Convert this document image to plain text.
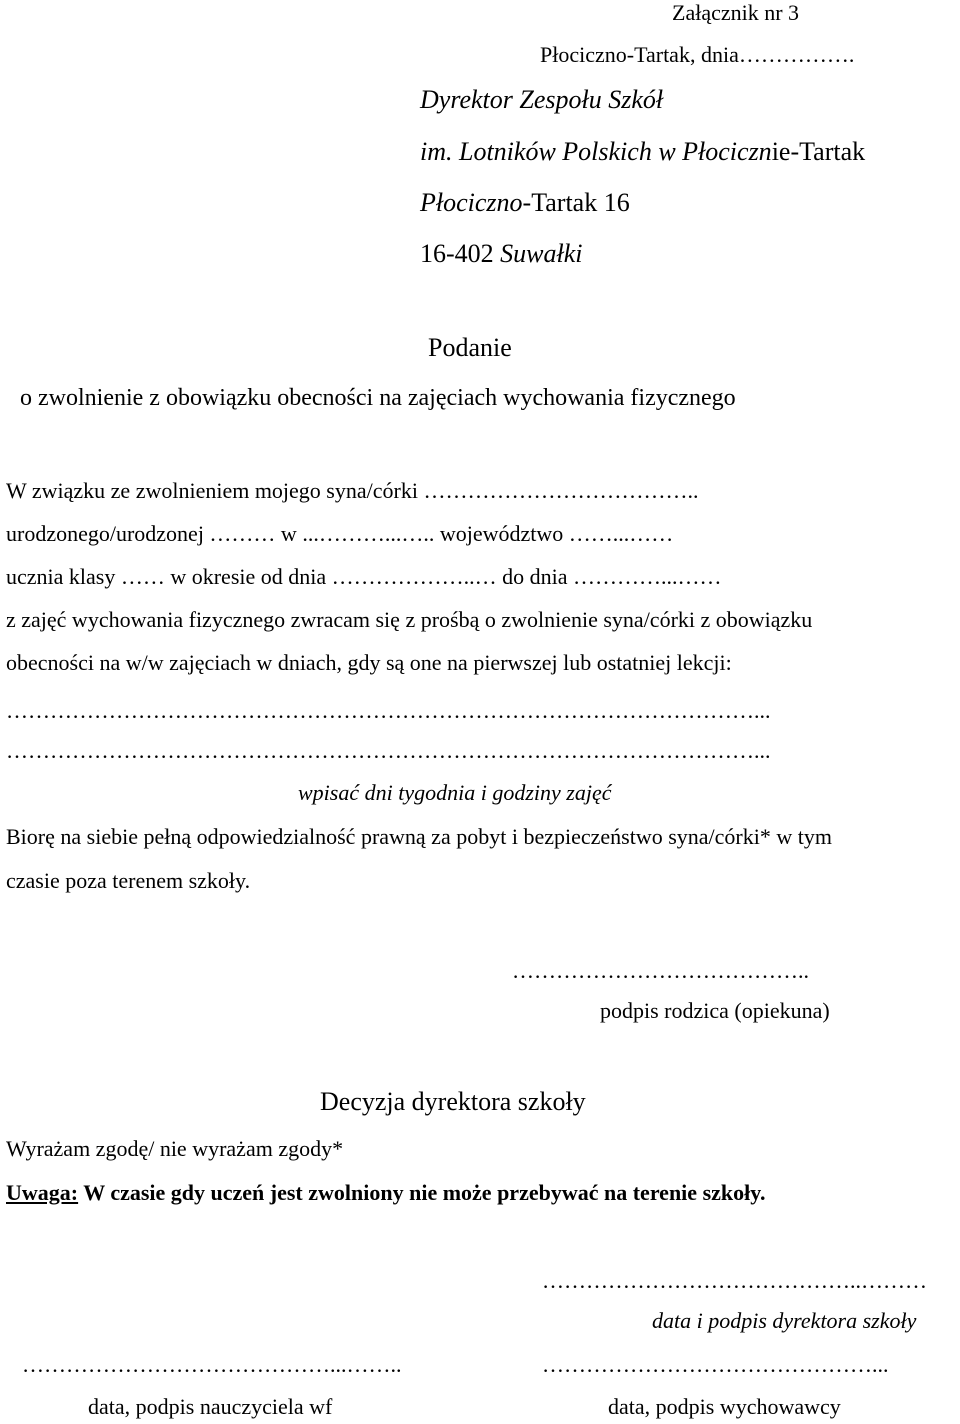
Załącznik nr 3
Płociczno-Tartak, dnia…………….
Dyrektor Zespołu Szkół
im. Lotników Polskich w Płocicznie-Tartak
Płociczno-Tartak 16
16-402 Suwałki
Podanie
o zwolnienie z obowiązku obecności na zajęciach wychowania fizycznego
W związku ze zwolnieniem mojego syna/córki ………………………………..
urodzonego/urodzonej ……… w ...………...….. województwo ……...……
ucznia klasy …… w okresie od dnia ………………..… do dnia …………...……
z zajęć wychowania fizycznego zwracam się z prośbą o zwolnienie syna/córki z obowiązku
obecności na w/w zajęciach w dniach, gdy są one na pierwszej lub ostatniej lekcji:
…………………………………………………………………………………………...
…………………………………………………………………………………………...
wpisać dni tygodnia i godziny zajęć
Biorę na siebie pełną odpowiedzialność prawną za pobyt i bezpieczeństwo syna/córki* w tym
czasie poza terenem szkoły.
…………………………………..
podpis rodzica (opiekuna)
Decyzja dyrektora szkoły
Wyrażam zgodę/ nie wyrażam zgody*
Uwaga: W czasie gdy uczeń jest zwolniony nie może przebywać na terenie szkoły.
……………………………………..………
data i podpis dyrektora szkoły
……………………………………...……..
data, podpis nauczyciela wf
………………………………………...
data, podpis wychowawcy
